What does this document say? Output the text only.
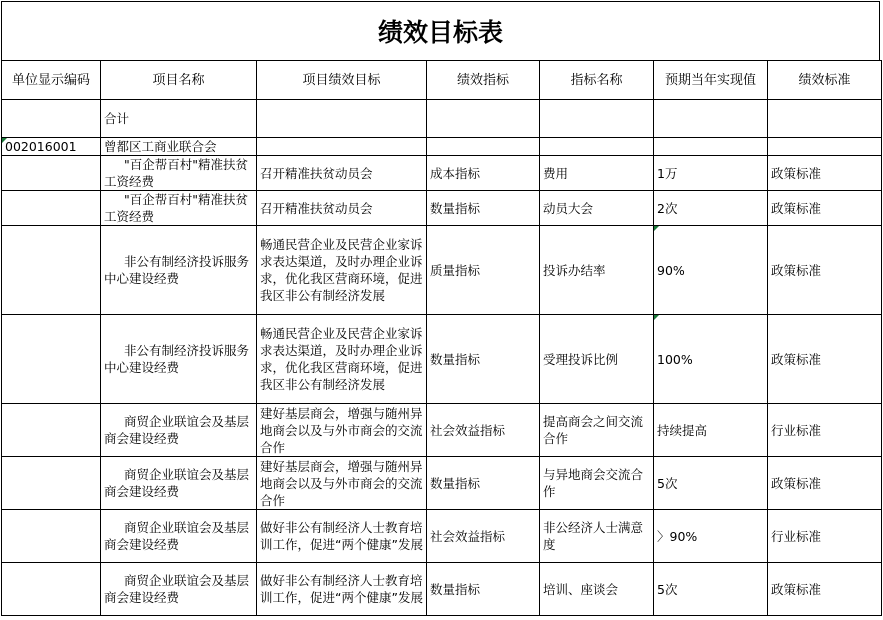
绩效目标表
单位显示编码	项目名称	项目绩效目标	绩效指标	指标名称	预期当年实现值	绩效标准
	合计					
002016001	曾都区工商业联合会					
	"百企帮百村"精准扶贫工资经费	召开精准扶贫动员会	成本指标	费用	1万	政策标准
	"百企帮百村"精准扶贫工资经费	召开精准扶贫动员会	数量指标	动员大会	2次	政策标准
	非公有制经济投诉服务中心建设经费	畅通民营企业及民营企业家诉求表达渠道，及时办理企业诉求，优化我区营商环境，促进我区非公有制经济发展	质量指标	投诉办结率	90%	政策标准
	非公有制经济投诉服务中心建设经费	畅通民营企业及民营企业家诉求表达渠道，及时办理企业诉求，优化我区营商环境，促进我区非公有制经济发展	数量指标	受理投诉比例	100%	政策标准
	商贸企业联谊会及基层商会建设经费	建好基层商会，增强与随州异地商会以及与外市商会的交流合作	社会效益指标	提高商会之间交流合作	持续提高	行业标准
	商贸企业联谊会及基层商会建设经费	建好基层商会，增强与随州异地商会以及与外市商会的交流合作	数量指标	与异地商会交流合作	5次	政策标准
	商贸企业联谊会及基层商会建设经费	做好非公有制经济人士教育培训工作，促进“两个健康”发展	社会效益指标	非公经济人士满意度	〉90%	行业标准
	商贸企业联谊会及基层商会建设经费	做好非公有制经济人士教育培训工作，促进“两个健康”发展	数量指标	培训、座谈会	5次	政策标准
